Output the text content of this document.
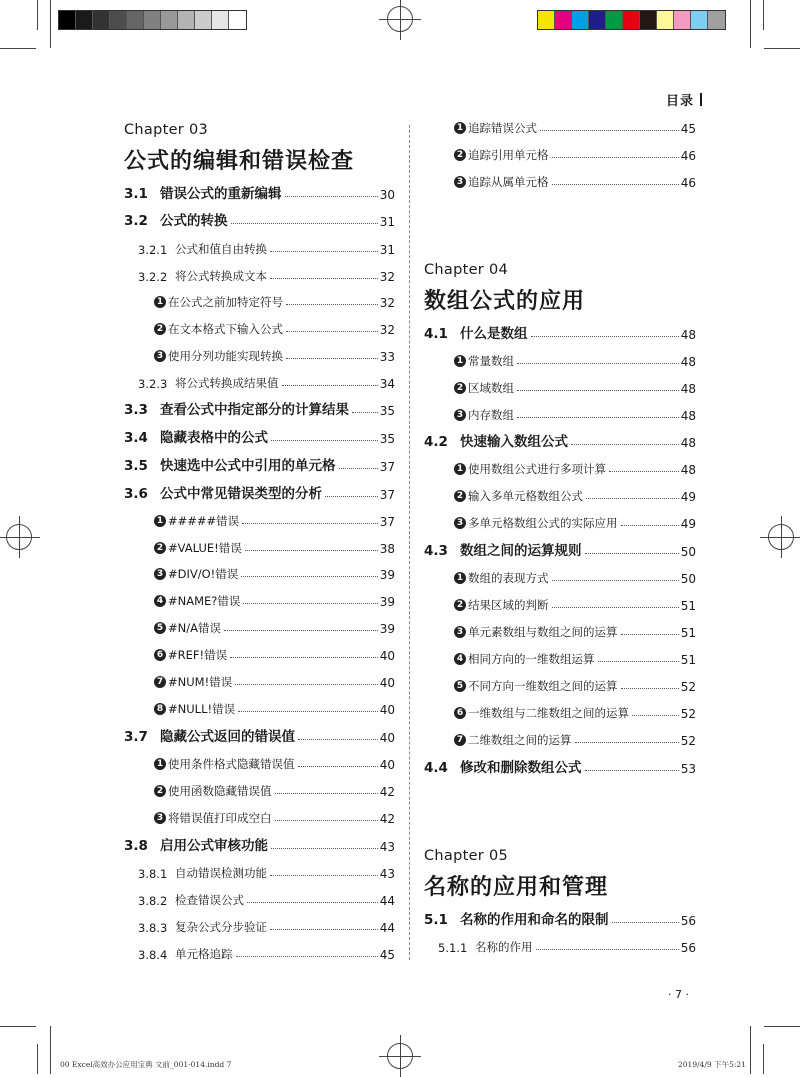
目录
Chapter 03
公式的编辑和错误检查
3.1 错误公式的重新编辑	30
3.2 公式的转换	31
3.2.1 公式和值自由转换	31
3.2.2 将公式转换成文本	32
1 在公式之前加特定符号	32
2 在文本格式下输入公式	32
3 使用分列功能实现转换	33
3.2.3 将公式转换成结果值	34
3.3 查看公式中指定部分的计算结果	35
3.4 隐藏表格中的公式	35
3.5 快速选中公式中引用的单元格	37
3.6 公式中常见错误类型的分析	37
1 #####错误	37
2 #VALUE!错误	38
3 #DIV/O!错误	39
4 #NAME?错误	39
5 #N/A错误	39
6 #REF!错误	40
7 #NUM!错误	40
8 #NULL!错误	40
3.7 隐藏公式返回的错误值	40
1 使用条件格式隐藏错误值	40
2 使用函数隐藏错误值	42
3 将错误值打印成空白	42
3.8 启用公式审核功能	43
3.8.1 自动错误检测功能	43
3.8.2 检查错误公式	44
3.8.3 复杂公式分步验证	44
3.8.4 单元格追踪	45
1 追踪错误公式	45
2 追踪引用单元格	46
3 追踪从属单元格	46
Chapter 04
数组公式的应用
4.1 什么是数组	48
1 常量数组	48
2 区域数组	48
3 内存数组	48
4.2 快速输入数组公式	48
1 使用数组公式进行多项计算	48
2 输入多单元格数组公式	49
3 多单元格数组公式的实际应用	49
4.3 数组之间的运算规则	50
1 数组的表现方式	50
2 结果区域的判断	51
3 单元素数组与数组之间的运算	51
4 相同方向的一维数组运算	51
5 不同方向一维数组之间的运算	52
6 一维数组与二维数组之间的运算	52
7 二维数组之间的运算	52
4.4 修改和删除数组公式	53
Chapter 05
名称的应用和管理
5.1 名称的作用和命名的限制	56
5.1.1 名称的作用	56
· 7 ·
00 Excel高效办公应用宝典 文前_001-014.indd 7	2019/4/9 下午5:21
